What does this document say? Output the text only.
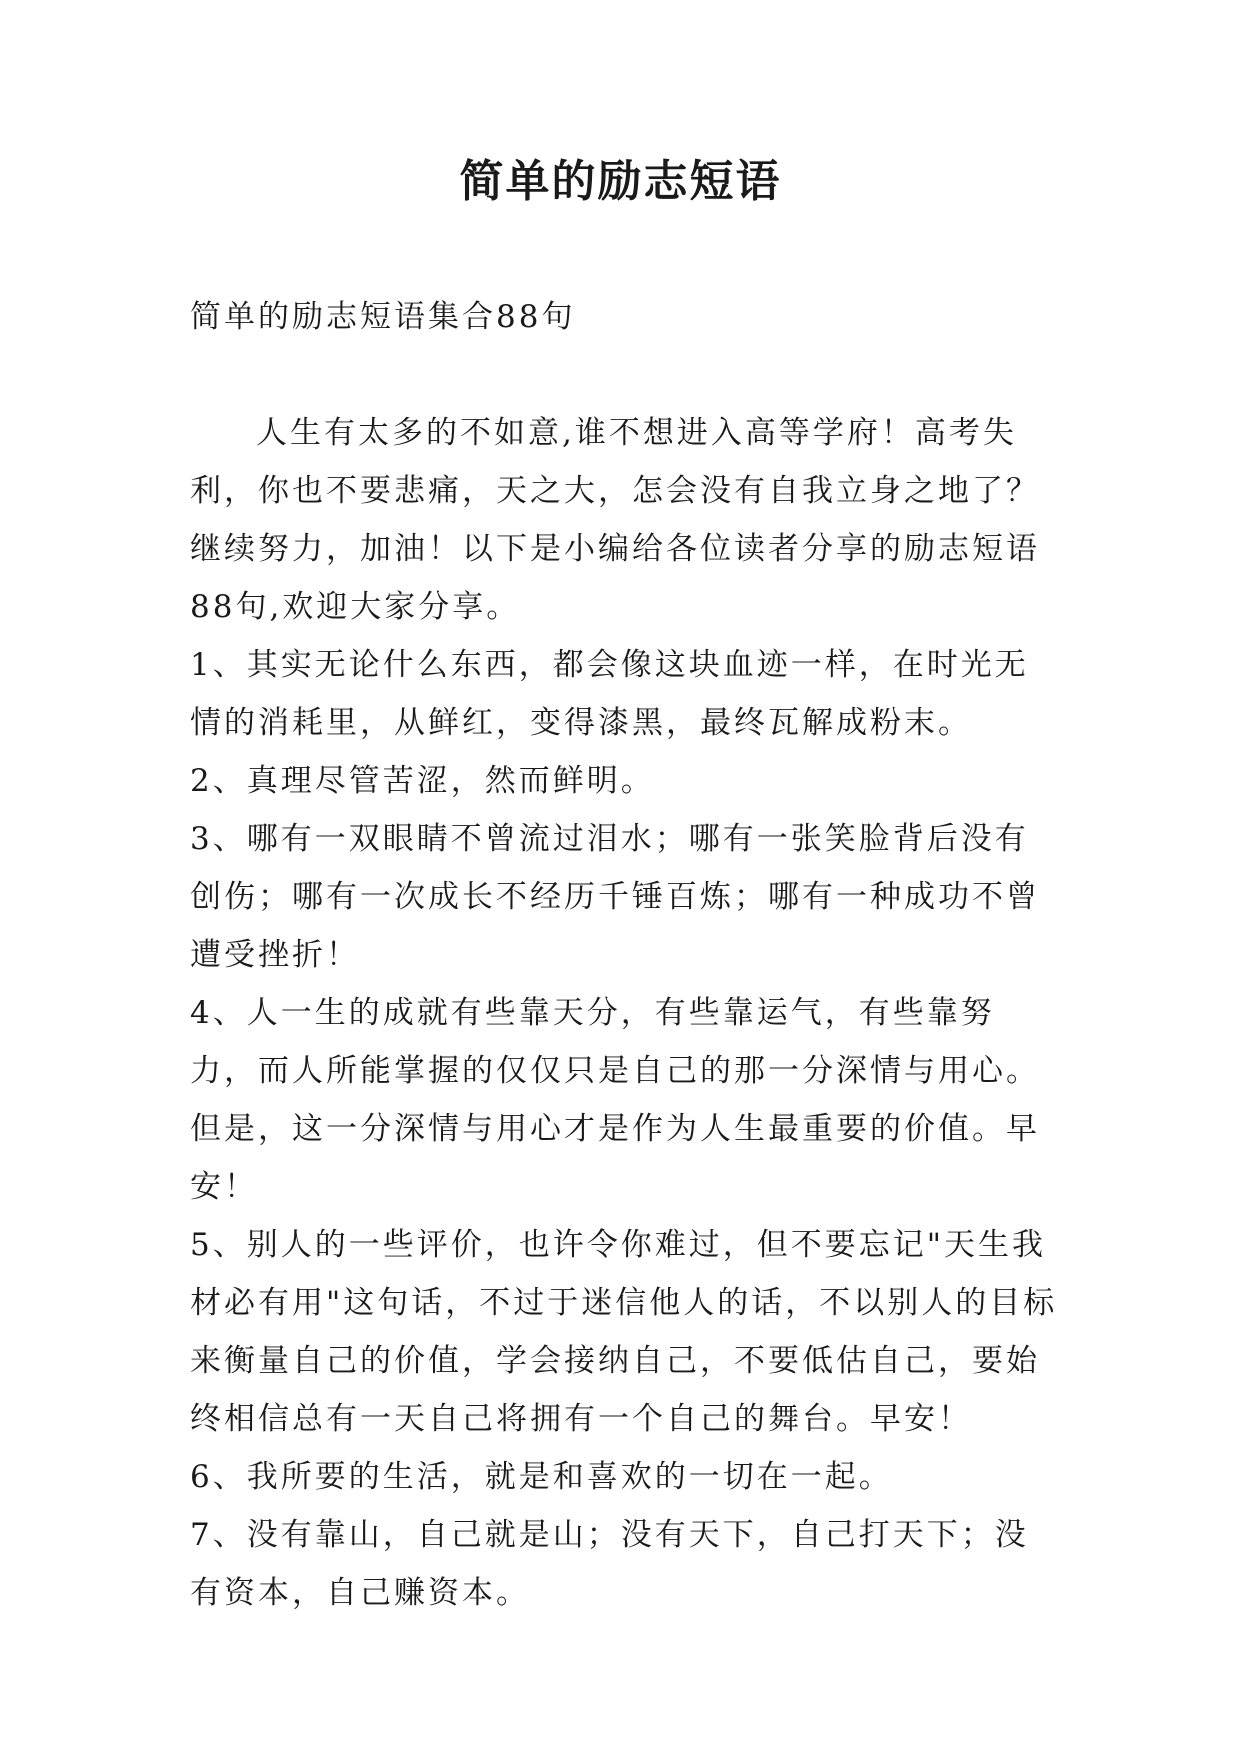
简单的励志短语

简单的励志短语集合88句

人生有太多的不如意,谁不想进入高等学府！高考失利，你也不要悲痛，天之大，怎会没有自我立身之地了？继续努力，加油！以下是小编给各位读者分享的励志短语88句,欢迎大家分享。

1、其实无论什么东西，都会像这块血迹一样，在时光无情的消耗里，从鲜红，变得漆黑，最终瓦解成粉末。

2、真理尽管苦涩，然而鲜明。

3、哪有一双眼睛不曾流过泪水；哪有一张笑脸背后没有创伤；哪有一次成长不经历千锤百炼；哪有一种成功不曾遭受挫折！

4、人一生的成就有些靠天分，有些靠运气，有些靠努力，而人所能掌握的仅仅只是自己的那一分深情与用心。但是，这一分深情与用心才是作为人生最重要的价值。早安！

5、别人的一些评价，也许令你难过，但不要忘记"天生我材必有用"这句话，不过于迷信他人的话，不以别人的目标来衡量自己的价值，学会接纳自己，不要低估自己，要始终相信总有一天自己将拥有一个自己的舞台。早安！

6、我所要的生活，就是和喜欢的一切在一起。

7、没有靠山，自己就是山；没有天下，自己打天下；没有资本，自己赚资本。
